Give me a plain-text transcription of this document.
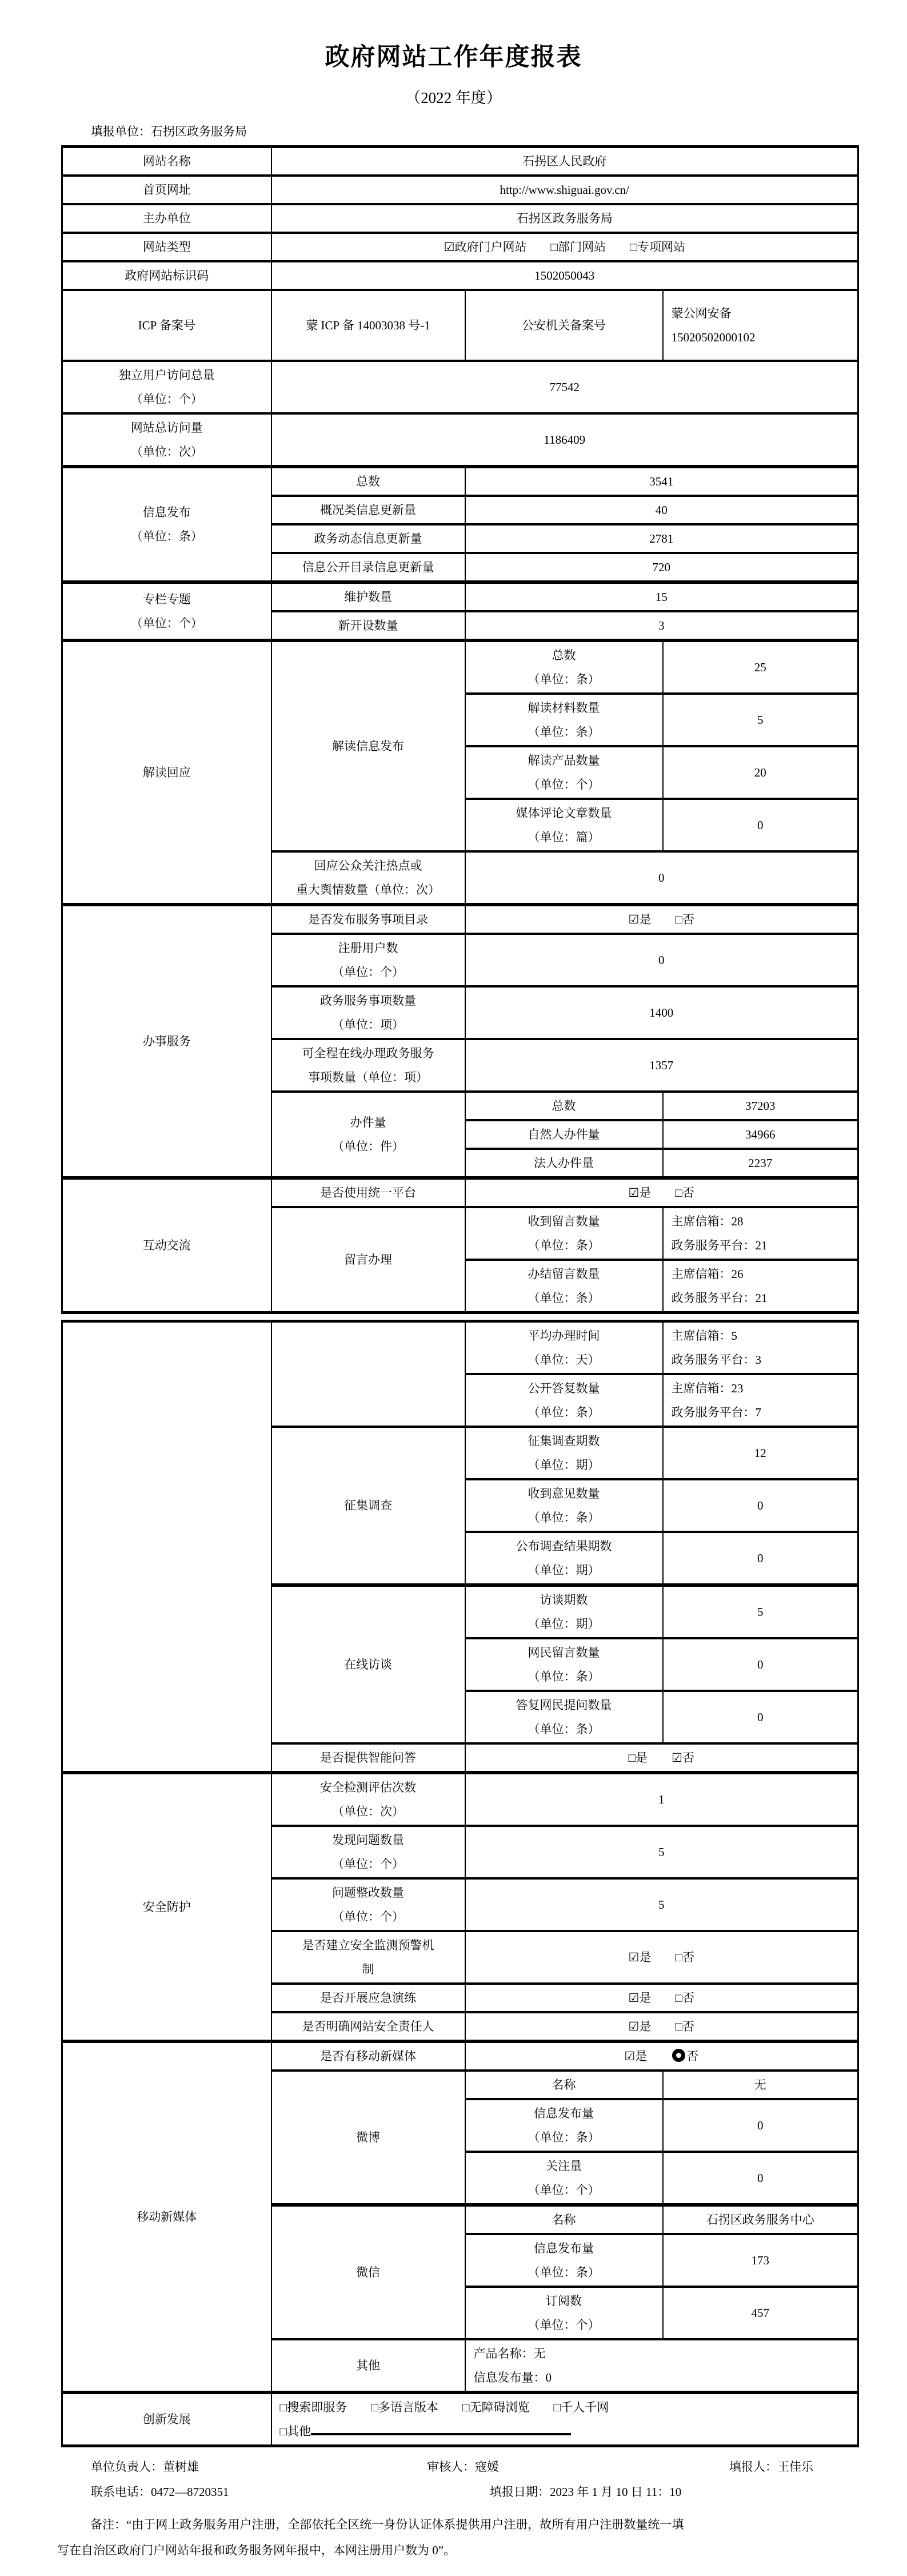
政府网站工作年度报表
（2022 年度）
填报单位：石拐区政务服务局
网站名称	石拐区人民政府		
首页网址	http://www.shiguai.gov.cn/		
主办单位	石拐区政务服务局		
网站类型	☑政府门户网站　　□部门网站　　□专项网站		
政府网站标识码	1502050043		
ICP 备案号	蒙 ICP 备 14003038 号-1	公安机关备案号	蒙公网安备
15020502000102
独立用户访问总量
（单位：个）	77542		
网站总访问量
（单位：次）	1186409		
信息发布
（单位：条）	总数	3541	
	概况类信息更新量	40	
	政务动态信息更新量	2781	
	信息公开目录信息更新量	720	
专栏专题
（单位：个）	维护数量	15	
	新开设数量	3	
解读回应	解读信息发布	总数
（单位：条）	25
		解读材料数量
（单位：条）	5
		解读产品数量
（单位：个）	20
		媒体评论文章数量
（单位：篇）	0
	回应公众关注热点或
重大舆情数量（单位：次）	0	
办事服务	是否发布服务事项目录	☑是　　□否	
	注册用户数
（单位：个）	0	
	政务服务事项数量
（单位：项）	1400	
	可全程在线办理政务服务
事项数量（单位：项）	1357	
	办件量
（单位：件）	总数	37203
		自然人办件量	34966
		法人办件量	2237
互动交流	是否使用统一平台	☑是　　□否	
	留言办理	收到留言数量
（单位：条）	主席信箱：28
政务服务平台：21
		办结留言数量
（单位：条）	主席信箱：26
政务服务平台：21
		平均办理时间
（单位：天）	主席信箱：5
政务服务平台：3
		公开答复数量
（单位：条）	主席信箱：23
政务服务平台：7
	征集调查	征集调查期数
（单位：期）	12
		收到意见数量
（单位：条）	0
		公布调查结果期数
（单位：期）	0
	在线访谈	访谈期数
（单位：期）	5
		网民留言数量
（单位：条）	0
		答复网民提问数量
（单位：条）	0
	是否提供智能问答	□是　　☑否	
安全防护	安全检测评估次数
（单位：次）	1	
	发现问题数量
（单位：个）	5	
	问题整改数量
（单位：个）	5	
	是否建立安全监测预警机
制	☑是　　□否	
	是否开展应急演练	☑是　　□否	
	是否明确网站安全责任人	☑是　　□否	
移动新媒体	是否有移动新媒体	☑是　　否	
	微博	名称	无
		信息发布量
（单位：条）	0
		关注量
（单位：个）	0
	微信	名称	石拐区政务服务中心
		信息发布量
（单位：条）	173
		订阅数
（单位：个）	457
	其他	产品名称：无
信息发布量：0	
创新发展	□搜索即服务　　□多语言版本　　□无障碍浏览　　□千人千网
□其他		
单位负责人：董树雄	审核人：寇媛	填报人：王佳乐
联系电话：0472—8720351	填报日期：2023 年 1 月 10 日 11：10

备注：“由于网上政务服务用户注册，全部依托全区统一身份认证体系提供用户注册，故所有用户注册数量统一填
写在自治区政府门户网站年报和政务服务网年报中，本网注册用户数为 0”。
